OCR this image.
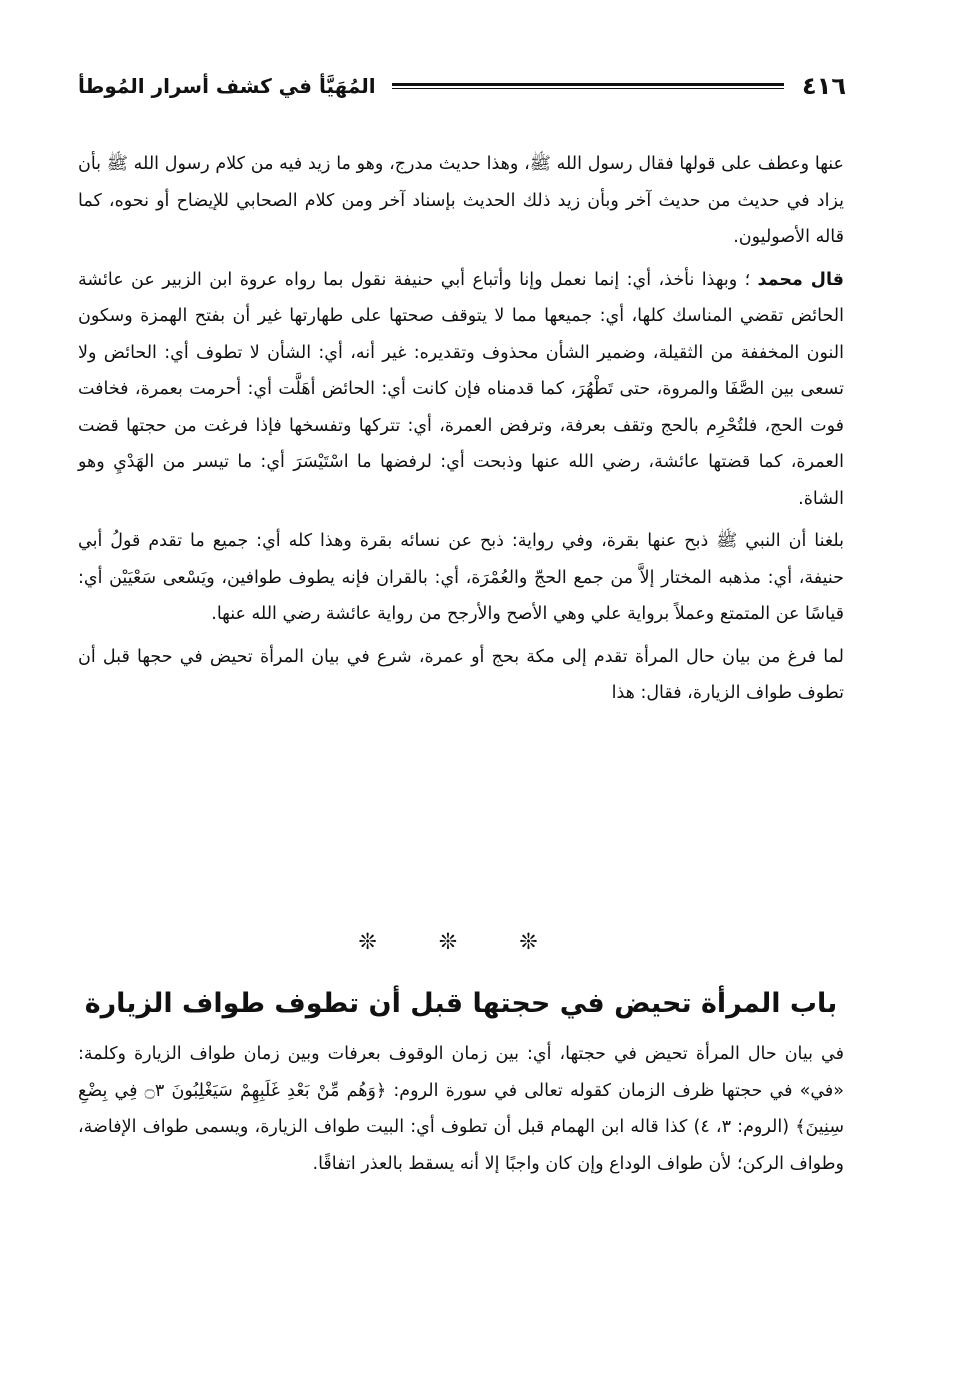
٤١٦
المُهَيَّأ في كشف أسرار المُوطأ

عنها وعطف على قولها فقال رسول الله ﷺ، وهذا حديث مدرج، وهو ما زيد فيه من كلام رسول الله ﷺ بأن يزاد في حديث من حديث آخر وبأن زيد ذلك الحديث بإسناد آخر ومن كلام الصحابي للإيضاح أو نحوه، كما قاله الأصوليون.

قال محمد ؛ وبهذا نأخذ، أي: إنما نعمل وإنا وأتباع أبي حنيفة نقول بما رواه عروة ابن الزبير عن عائشة الحائض تقضي المناسك كلها، أي: جميعها مما لا يتوقف صحتها على طهارتها غير أن بفتح الهمزة وسكون النون المخففة من الثقيلة، وضمير الشأن محذوف وتقديره: غير أنه، أي: الشأن لا تطوف أي: الحائض ولا تسعى بين الصَّفَا والمروة، حتى تَطْهُرَ، كما قدمناه فإن كانت أي: الحائض أهَلَّت أي: أحرمت بعمرة، فخافت فوت الحج، فلتُحْرِم بالحج وتقف بعرفة، وترفض العمرة، أي: تتركها وتفسخها فإذا فرغت من حجتها قضت العمرة، كما قضتها عائشة، رضي الله عنها وذبحت أي: لرفضها ما اسْتَيْسَرَ أي: ما تيسر من الهَدْيِ وهو الشاة.

بلغنا أن النبي ﷺ ذبح عنها بقرة، وفي رواية: ذبح عن نسائه بقرة وهذا كله أي: جميع ما تقدم قولُ أبي حنيفة، أي: مذهبه المختار إلاَّ من جمع الحجّ والعُمْرَة، أي: بالقران فإنه يطوف طوافين، ويَسْعى سَعْيَيْن أي: قياسًا عن المتمتع وعملاً برواية علي وهي الأصح والأرجح من رواية عائشة رضي الله عنها.

لما فرغ من بيان حال المرأة تقدم إلى مكة بحج أو عمرة، شرع في بيان المرأة تحيض في حجها قبل أن تطوف طواف الزيارة، فقال: هذا

❊❊❊
باب المرأة تحيض في حجتها قبل أن تطوف طواف الزيارة

في بيان حال المرأة تحيض في حجتها، أي: بين زمان الوقوف بعرفات وبين زمان طواف الزيارة وكلمة: «في» في حجتها ظرف الزمان كقوله تعالى في سورة الروم: ﴿وَهُم مِّنْ بَعْدِ غَلَبِهِمْ سَيَغْلِبُونَ ۝٣ فِي بِضْعِ سِنِينَ﴾ (الروم: ٣، ٤) كذا قاله ابن الهمام قبل أن تطوف أي: البيت طواف الزيارة، ويسمى طواف الإفاضة، وطواف الركن؛ لأن طواف الوداع وإن كان واجبًا إلا أنه يسقط بالعذر اتفاقًا.
